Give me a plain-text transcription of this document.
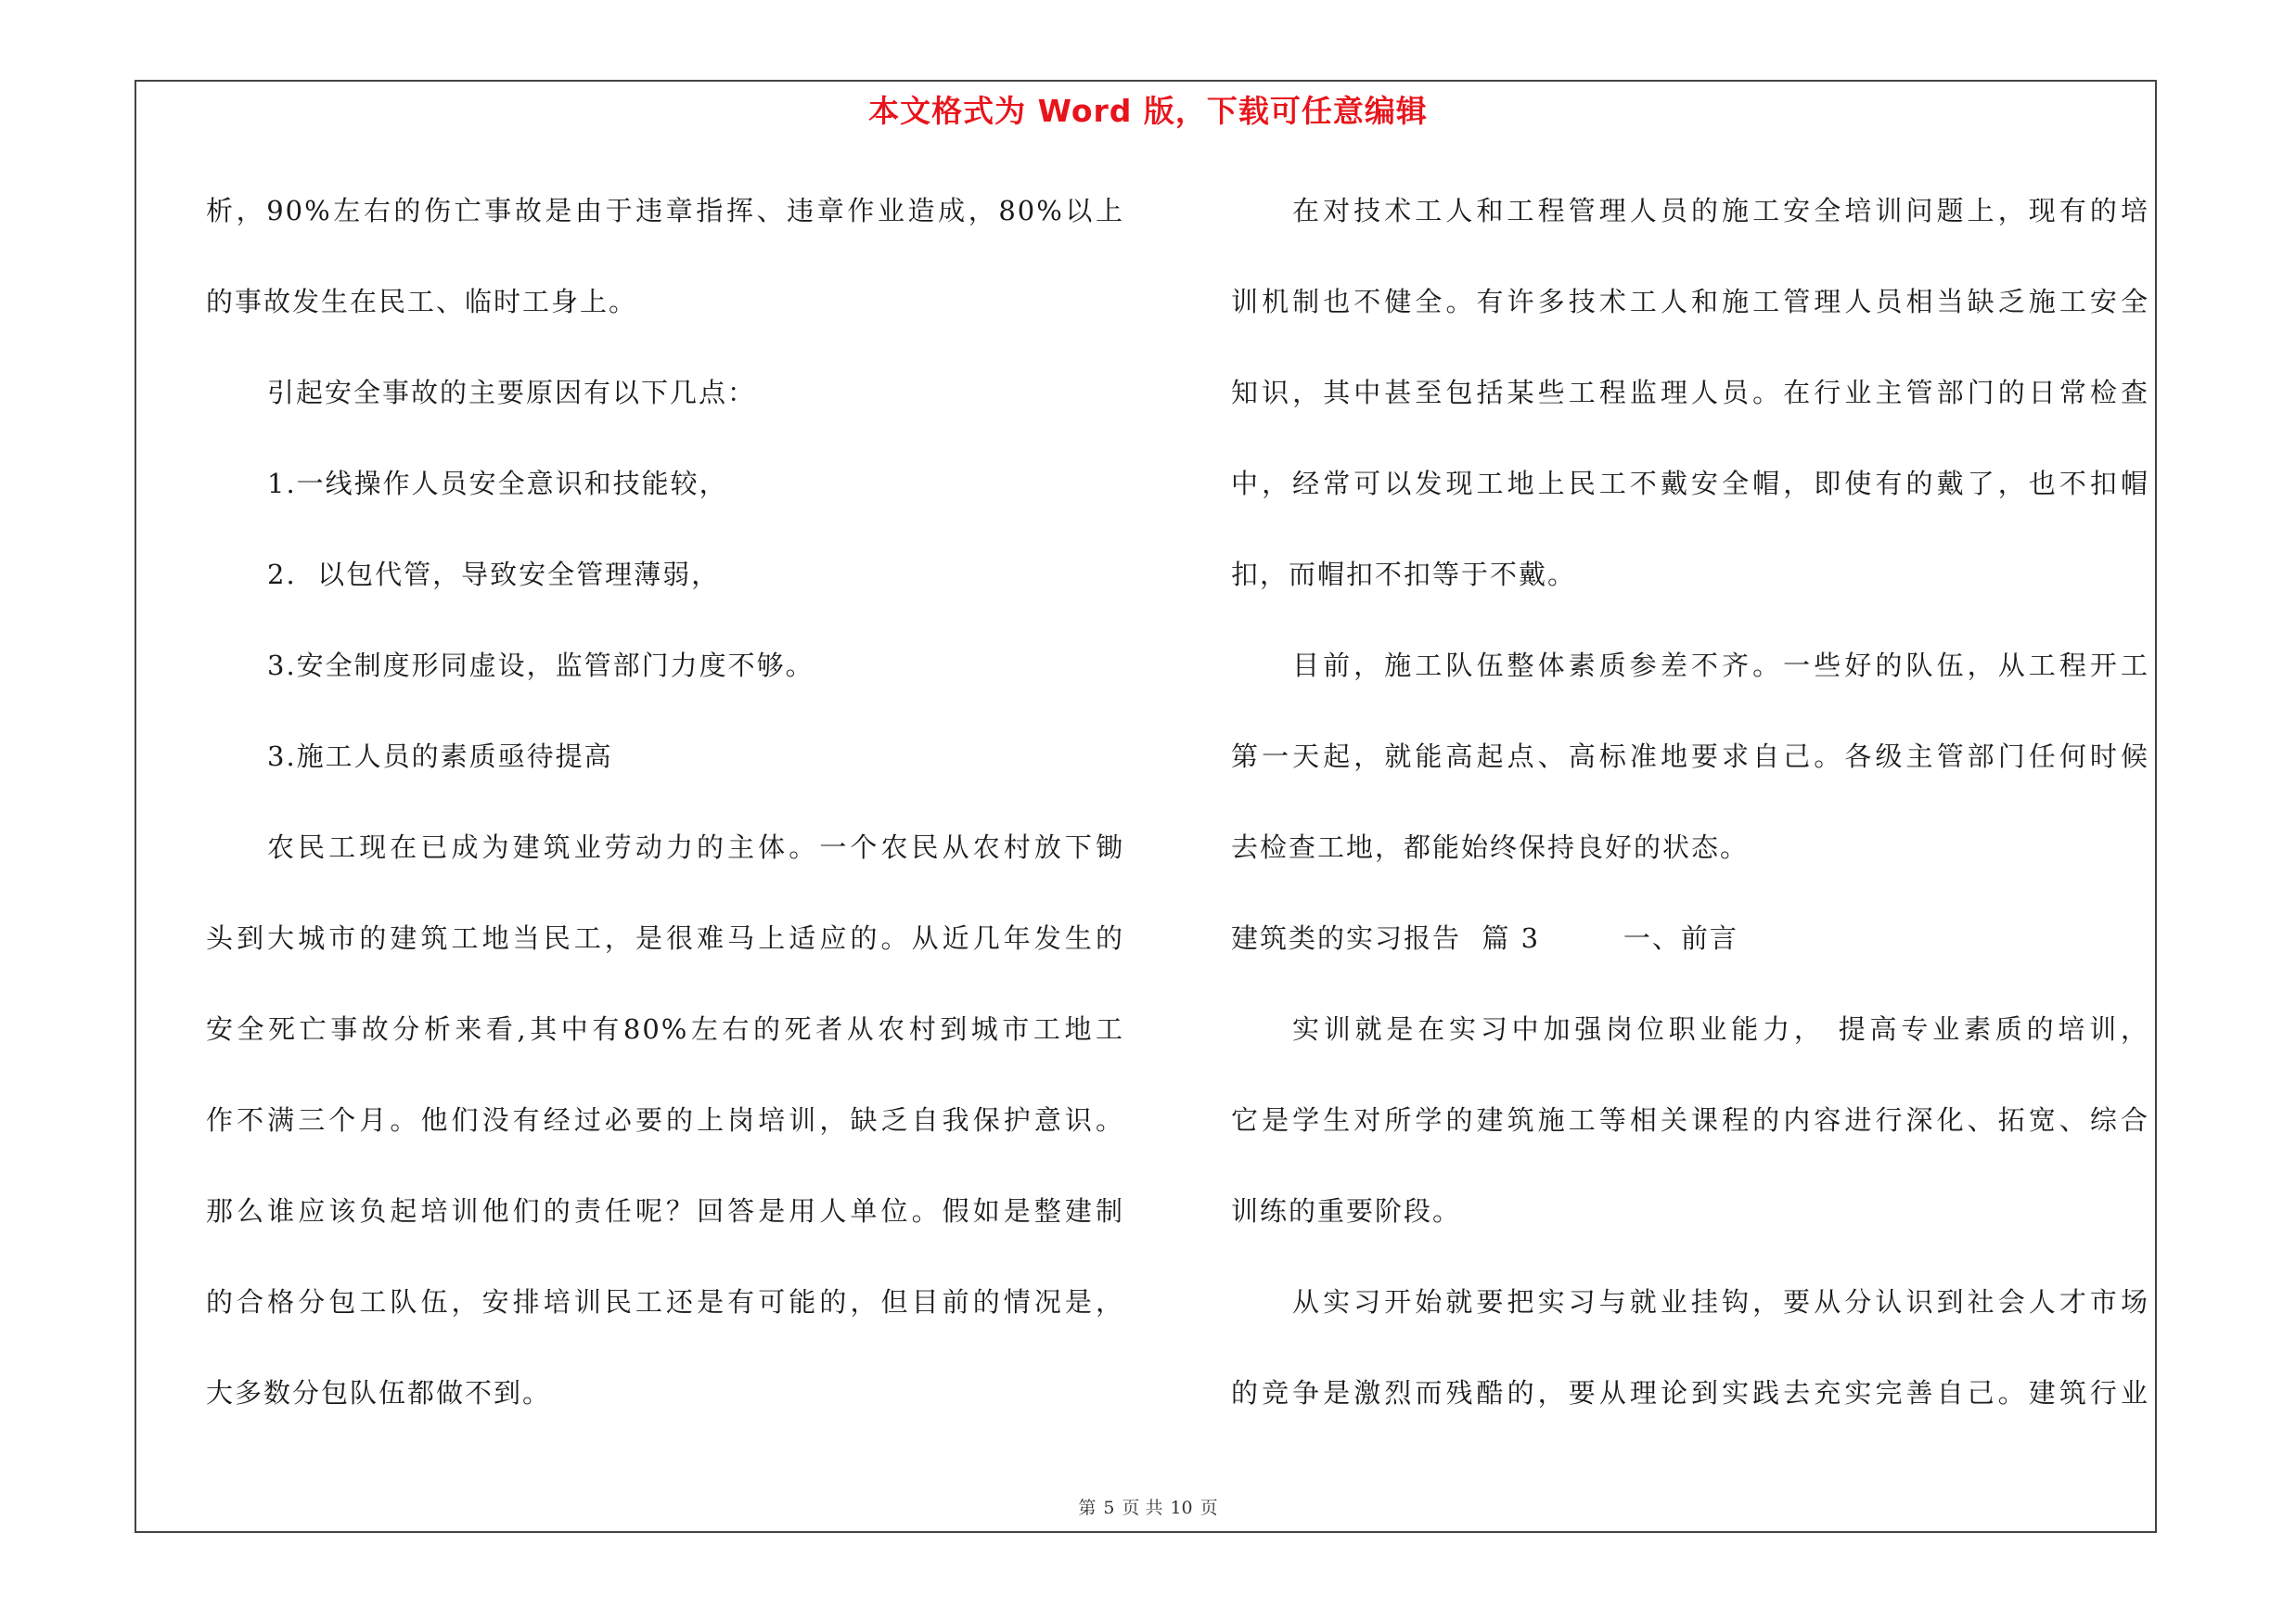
本文格式为 Word 版，下载可任意编辑
析，90%左右的伤亡事故是由于违章指挥、违章作业造成，80%以上
的事故发生在民工、临时工身上。
引起安全事故的主要原因有以下几点：
1.一线操作人员安全意识和技能较，
2.  以包代管，导致安全管理薄弱，
3.安全制度形同虚设，监管部门力度不够。
3.施工人员的素质亟待提高
农民工现在已成为建筑业劳动力的主体。一个农民从农村放下锄
头到大城市的建筑工地当民工，是很难马上适应的。从近几年发生的
安全死亡事故分析来看,其中有80%左右的死者从农村到城市工地工
作不满三个月。他们没有经过必要的上岗培训，缺乏自我保护意识。
那么谁应该负起培训他们的责任呢？回答是用人单位。假如是整建制
的合格分包工队伍，安排培训民工还是有可能的，但目前的情况是，
大多数分包队伍都做不到。
在对技术工人和工程管理人员的施工安全培训问题上，现有的培
训机制也不健全。有许多技术工人和施工管理人员相当缺乏施工安全
知识，其中甚至包括某些工程监理人员。在行业主管部门的日常检查
中，经常可以发现工地上民工不戴安全帽，即使有的戴了，也不扣帽
扣，而帽扣不扣等于不戴。
目前，施工队伍整体素质参差不齐。一些好的队伍，从工程开工
第一天起，就能高起点、高标准地要求自己。各级主管部门任何时候
去检查工地，都能始终保持良好的状态。
建筑类的实习报告  篇 3        一、前言
实训就是在实习中加强岗位职业能力， 提高专业素质的培训，
它是学生对所学的建筑施工等相关课程的内容进行深化、拓宽、综合
训练的重要阶段。
从实习开始就要把实习与就业挂钩，要从分认识到社会人才市场
的竞争是激烈而残酷的，要从理论到实践去充实完善自己。建筑行业
第 5 页 共 10 页
